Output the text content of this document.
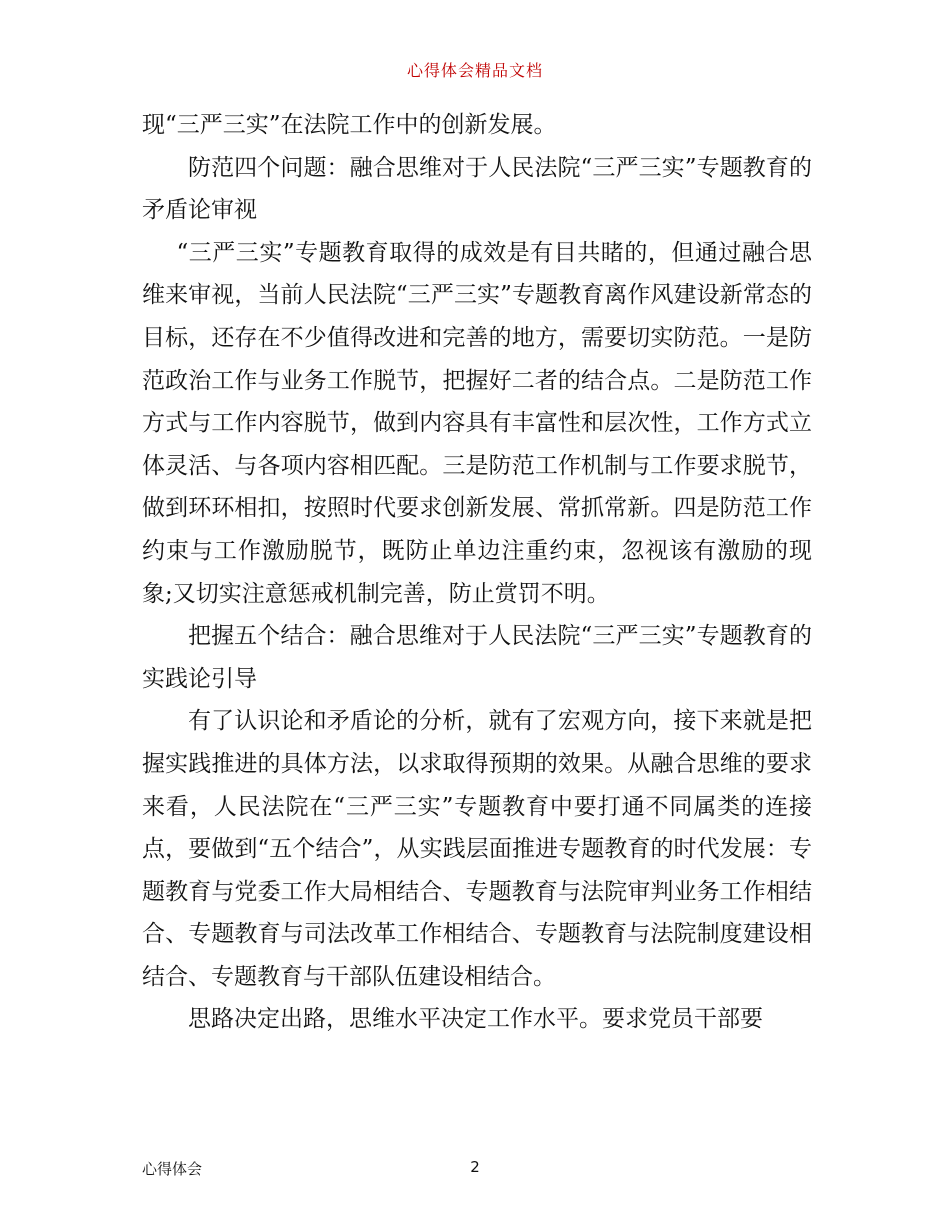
心得体会精品文档

现“三严三实”在法院工作中的创新发展。

防范四个问题：融合思维对于人民法院“三严三实”专题教育的矛盾论审视

“三严三实”专题教育取得的成效是有目共睹的，但通过融合思维来审视，当前人民法院“三严三实”专题教育离作风建设新常态的目标，还存在不少值得改进和完善的地方，需要切实防范。一是防范政治工作与业务工作脱节，把握好二者的结合点。二是防范工作方式与工作内容脱节，做到内容具有丰富性和层次性，工作方式立体灵活、与各项内容相匹配。三是防范工作机制与工作要求脱节，做到环环相扣，按照时代要求创新发展、常抓常新。四是防范工作约束与工作激励脱节，既防止单边注重约束，忽视该有激励的现象;又切实注意惩戒机制完善，防止赏罚不明。

把握五个结合：融合思维对于人民法院“三严三实”专题教育的实践论引导

有了认识论和矛盾论的分析，就有了宏观方向，接下来就是把握实践推进的具体方法，以求取得预期的效果。从融合思维的要求来看，人民法院在“三严三实”专题教育中要打通不同属类的连接点，要做到“五个结合”，从实践层面推进专题教育的时代发展：专题教育与党委工作大局相结合、专题教育与法院审判业务工作相结合、专题教育与司法改革工作相结合、专题教育与法院制度建设相结合、专题教育与干部队伍建设相结合。

思路决定出路，思维水平决定工作水平。要求党员干部要

心得体会	2
